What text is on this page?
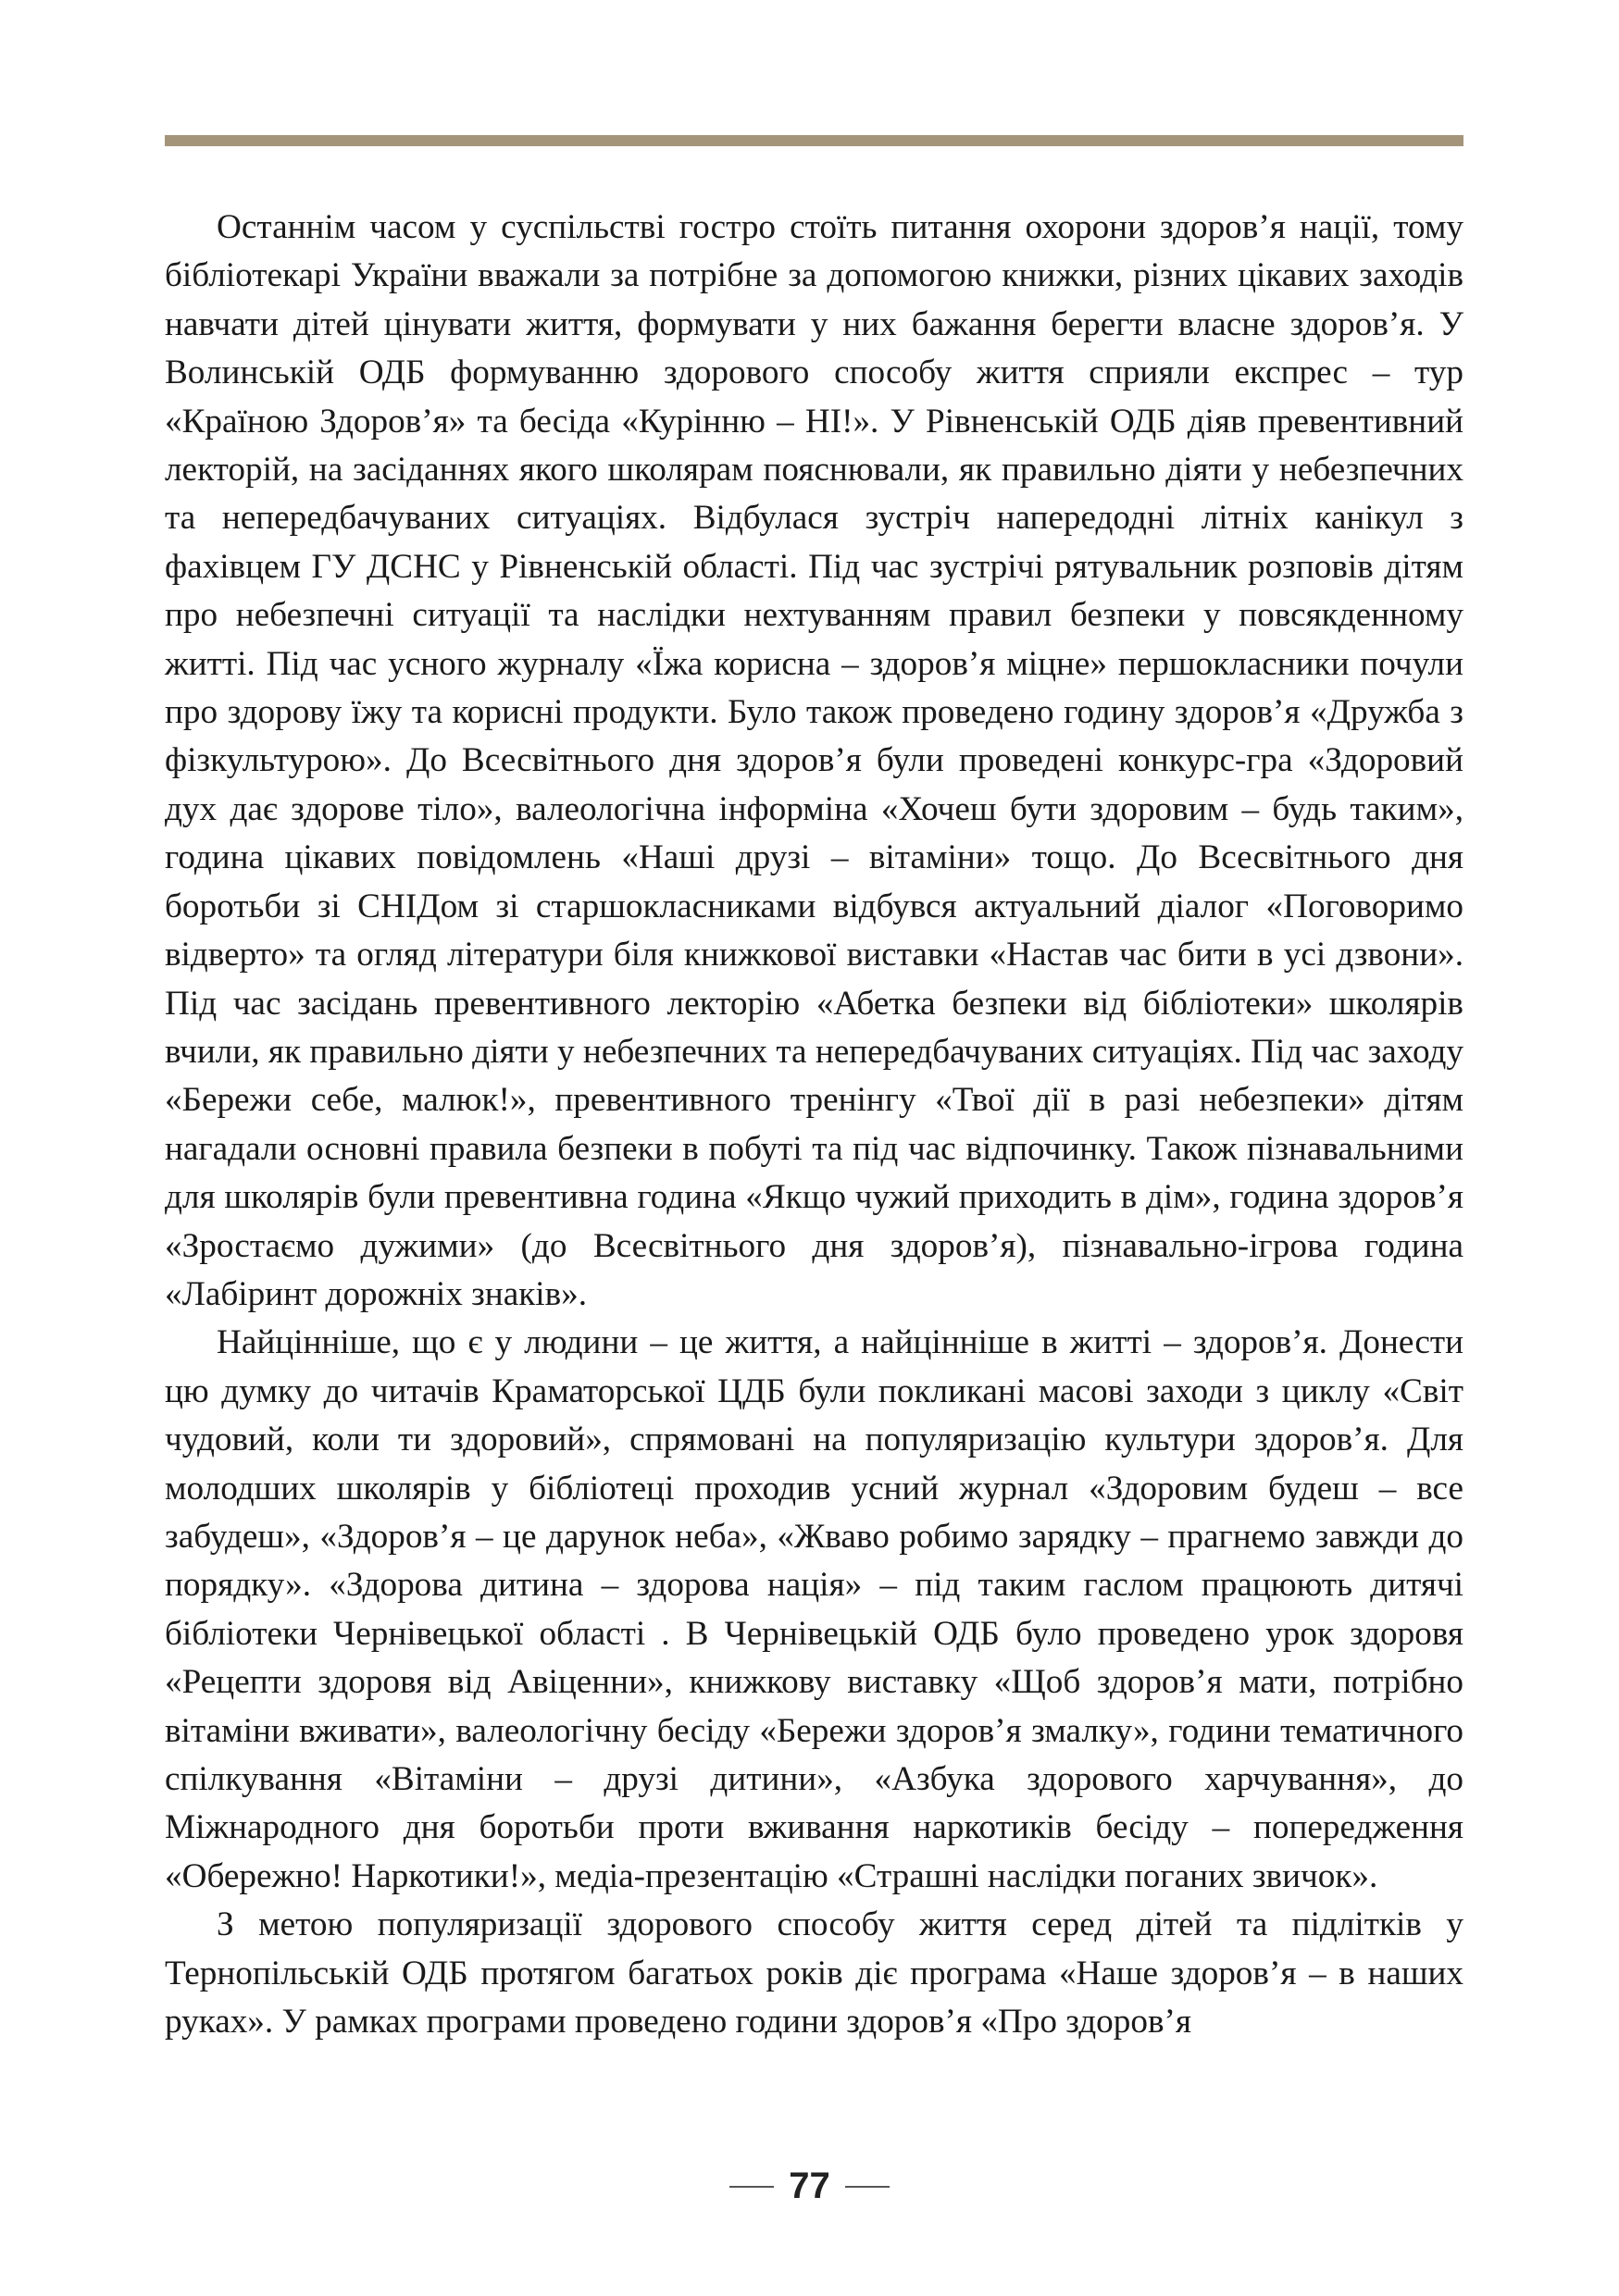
Останнім часом у суспільстві гостро стоїть питання охорони здоров’я нації, тому бібліотекарі України вважали за потрібне за допомогою книжки, різних цікавих заходів навчати дітей цінувати життя, формувати у них бажання берегти власне здоров’я. У Волинській ОДБ формуванню здорового способу життя сприяли експрес – тур «Країною Здоров’я» та бесіда «Курінню – НІ!». У Рівненській ОДБ діяв превентивний лекторій, на засіданнях якого школярам пояснювали, як правильно діяти у небезпечних та непередбачуваних ситуаціях. Відбулася зустріч напередодні літніх канікул з фахівцем ГУ ДСНС у Рівненській області. Під час зустрічі рятувальник розповів дітям про небезпечні ситуації та наслідки нехтуванням правил безпеки у повсякденному житті. Під час усного журналу «Їжа корисна – здоров’я міцне» першокласники почули про здорову їжу та корисні продукти. Було також проведено годину здоров’я «Дружба з фізкультурою». До Всесвітнього дня здоров’я були проведені конкурс-гра «Здоровий дух дає здорове тіло», валеологічна інформіна «Хочеш бути здоровим – будь таким», година цікавих повідомлень «Наші друзі – вітаміни» тощо. До Всесвітнього дня боротьби зі СНІДом зі старшокласниками відбувся актуальний діалог «Поговоримо відверто» та огляд літератури біля книжкової виставки «Настав час бити в усі дзвони». Під час засідань превентивного лекторію «Абетка безпеки від бібліотеки» школярів вчили, як правильно діяти у небезпечних та непередбачуваних ситуаціях. Під час заходу «Бережи себе, малюк!», превентивного тренінгу «Твої дії в разі небезпеки» дітям нагадали основні правила безпеки в побуті та під час відпочинку. Також пізнавальними для школярів були превентивна година «Якщо чужий приходить в дім», година здоров’я «Зростаємо дужими» (до Всесвітнього дня здоров’я), пізнавально-ігрова година «Лабіринт дорожніх знаків».

Найцінніше, що є у людини – це життя, а найцінніше в житті – здоров’я. Донести цю думку до читачів Краматорської ЦДБ були покликані масові заходи з циклу «Світ чудовий, коли ти здоровий», спрямовані на популяризацію культури здоров’я. Для молодших школярів у бібліотеці проходив усний журнал «Здоровим будеш – все забудеш», «Здоров’я – це дарунок неба», «Жваво робимо зарядку – прагнемо завжди до порядку». «Здорова дитина – здорова нація» – під таким гаслом працюють дитячі бібліотеки Чернівецької області . В Чернівецькій ОДБ було проведено урок здоровя «Рецепти здоровя від Авіценни», книжкову виставку «Щоб здоров’я мати, потрібно вітаміни вживати», валеологічну бесіду «Бережи здоров’я змалку», години тематичного спілкування «Вітаміни – друзі дитини», «Азбука здорового харчування», до Міжнародного дня боротьби проти вживання наркотиків бесіду – попередження «Обережно! Наркотики!», медіа-презентацію «Страшні наслідки поганих звичок».

З метою популяризації здорового способу життя серед дітей та підлітків у Тернопільській ОДБ протягом багатьох років діє програма «Наше здоров’я – в наших руках». У рамках програми проведено години здоров’я «Про здоров’я

77
